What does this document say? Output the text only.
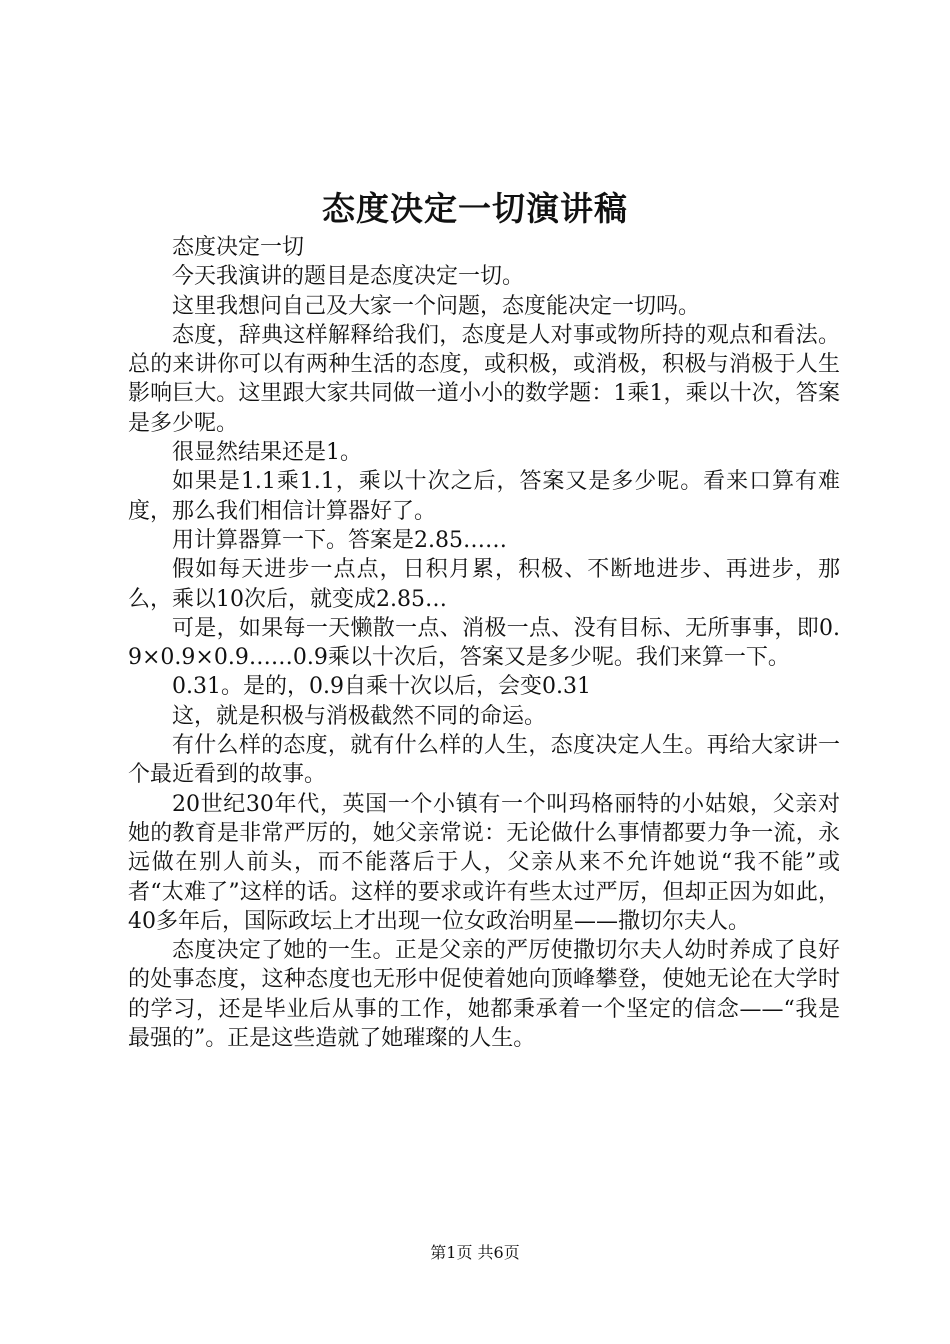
态度决定一切演讲稿

态度决定一切

今天我演讲的题目是态度决定一切。

这里我想问自己及大家一个问题，态度能决定一切吗。

态度，辞典这样解释给我们，态度是人对事或物所持的观点和看法。总的来讲你可以有两种生活的态度，或积极，或消极，积极与消极于人生影响巨大。这里跟大家共同做一道小小的数学题：1乘1，乘以十次，答案是多少呢。

很显然结果还是1。

如果是1.1乘1.1，乘以十次之后，答案又是多少呢。看来口算有难度，那么我们相信计算器好了。

用计算器算一下。答案是2.85……

假如每天进步一点点，日积月累，积极、不断地进步、再进步，那么，乘以10次后，就变成2.85…

可是，如果每一天懒散一点、消极一点、没有目标、无所事事，即0.9×0.9×0.9……0.9乘以十次后，答案又是多少呢。我们来算一下。

0.31。是的，0.9自乘十次以后，会变0.31

这，就是积极与消极截然不同的命运。

有什么样的态度，就有什么样的人生，态度决定人生。再给大家讲一个最近看到的故事。

20世纪30年代，英国一个小镇有一个叫玛格丽特的小姑娘，父亲对她的教育是非常严厉的，她父亲常说：无论做什么事情都要力争一流，永远做在别人前头，而不能落后于人，父亲从来不允许她说“我不能”或者“太难了”这样的话。这样的要求或许有些太过严厉，但却正因为如此，40多年后，国际政坛上才出现一位女政治明星——撒切尔夫人。

态度决定了她的一生。正是父亲的严厉使撒切尔夫人幼时养成了良好的处事态度，这种态度也无形中促使着她向顶峰攀登，使她无论在大学时的学习，还是毕业后从事的工作，她都秉承着一个坚定的信念——“我是最强的”。正是这些造就了她璀璨的人生。

第1页 共6页
